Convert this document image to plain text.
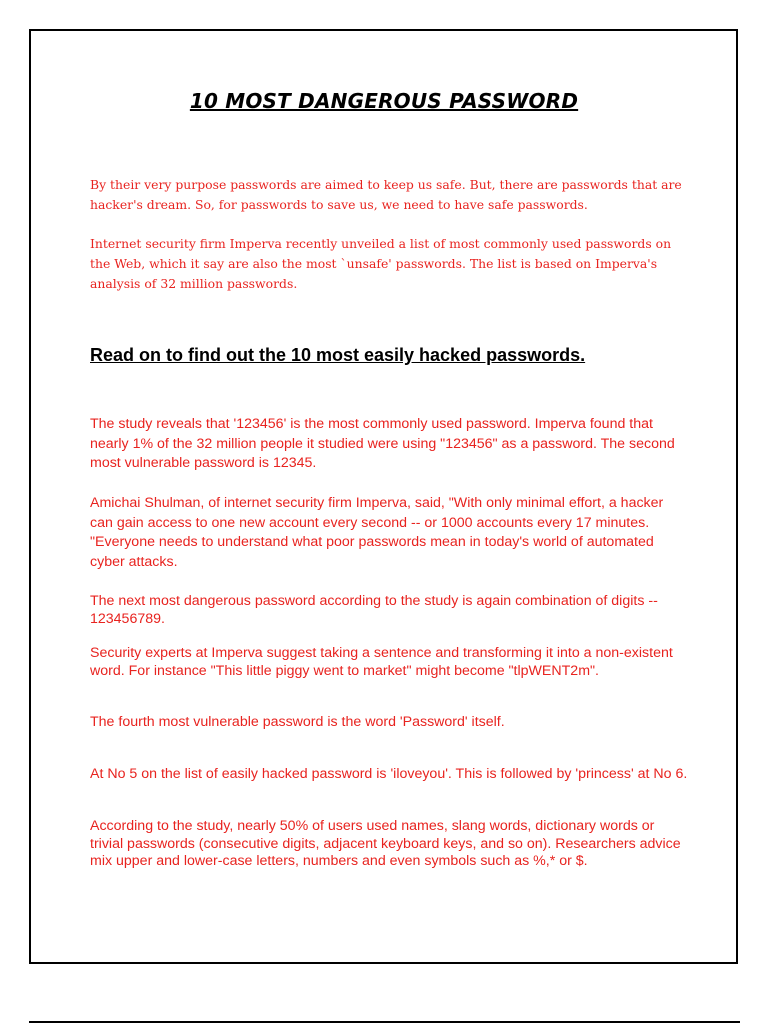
10 MOST DANGEROUS PASSWORD
By their very purpose passwords are aimed to keep us safe. But, there are passwords that are hacker's dream. So, for passwords to save us, we need to have safe passwords.
Internet security firm Imperva recently unveiled a list of most commonly used passwords on the Web, which it say are also the most `unsafe' passwords. The list is based on Imperva's analysis of 32 million passwords.
Read on to find out the 10 most easily hacked passwords.
The study reveals that '123456' is the most commonly used password. Imperva found that nearly 1% of the 32 million people it studied were using "123456" as a password. The second most vulnerable password is 12345.
Amichai Shulman, of internet security firm Imperva, said, "With only minimal effort, a hacker can gain access to one new account every second -- or 1000 accounts every 17 minutes. "Everyone needs to understand what poor passwords mean in today's world of automated cyber attacks.
The next most dangerous password according to the study is again combination of digits -- 123456789.
Security experts at Imperva suggest taking a sentence and transforming it into a non-existent word. For instance "This little piggy went to market" might become "tlpWENT2m".
The fourth most vulnerable password is the word 'Password' itself.
At No 5 on the list of easily hacked password is 'iloveyou'. This is followed by 'princess' at No 6.
According to the study, nearly 50% of users used names, slang words, dictionary words or trivial passwords (consecutive digits, adjacent keyboard keys, and so on). Researchers advice mix upper and lower-case letters, numbers and even symbols such as %,* or $.
